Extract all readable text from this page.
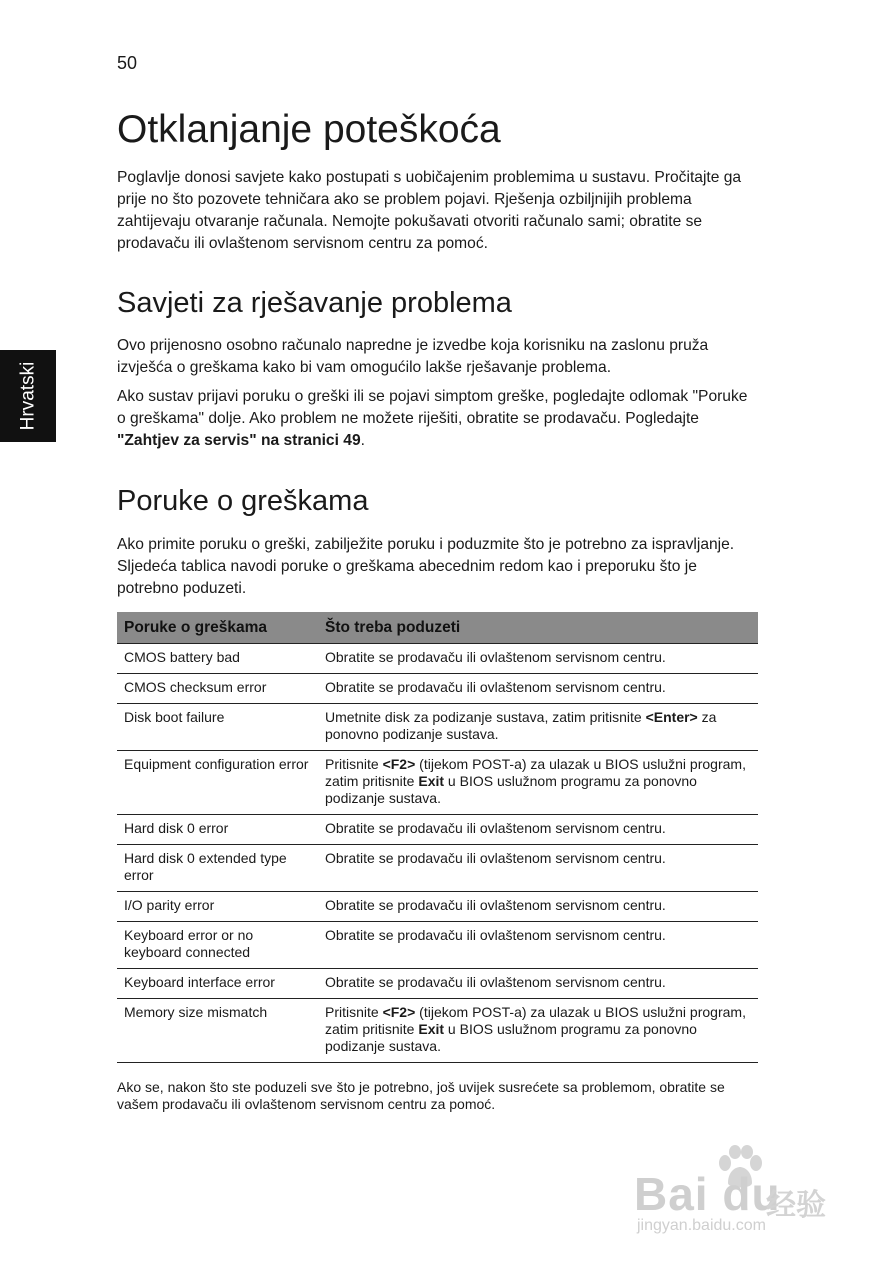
50
Hrvatski
Otklanjanje poteškoća

Poglavlje donosi savjete kako postupati s uobičajenim problemima u sustavu. Pročitajte ga prije no što pozovete tehničara ako se problem pojavi. Rješenja ozbiljnijih problema zahtijevaju otvaranje računala. Nemojte pokušavati otvoriti računalo sami; obratite se prodavaču ili ovlaštenom servisnom centru za pomoć.

Savjeti za rješavanje problema

Ovo prijenosno osobno računalo napredne je izvedbe koja korisniku na zaslonu pruža izvješća o greškama kako bi vam omogućilo lakše rješavanje problema.

Ako sustav prijavi poruku o greški ili se pojavi simptom greške, pogledajte odlomak "Poruke o greškama" dolje. Ako problem ne možete riješiti, obratite se prodavaču. Pogledajte "Zahtjev za servis" na stranici 49.

Poruke o greškama

Ako primite poruku o greški, zabilježite poruku i poduzmite što je potrebno za ispravljanje. Sljedeća tablica navodi poruke o greškama abecednim redom kao i preporuku što je potrebno poduzeti.

Poruke o greškama	Što treba poduzeti
CMOS battery bad	Obratite se prodavaču ili ovlaštenom servisnom centru.
CMOS checksum error	Obratite se prodavaču ili ovlaštenom servisnom centru.
Disk boot failure	Umetnite disk za podizanje sustava, zatim pritisnite <Enter> za ponovno podizanje sustava.
Equipment configuration error	Pritisnite <F2> (tijekom POST-a) za ulazak u BIOS uslužni program, zatim pritisnite Exit u BIOS uslužnom programu za ponovno podizanje sustava.
Hard disk 0 error	Obratite se prodavaču ili ovlaštenom servisnom centru.
Hard disk 0 extended type error	Obratite se prodavaču ili ovlaštenom servisnom centru.
I/O parity error	Obratite se prodavaču ili ovlaštenom servisnom centru.
Keyboard error or no keyboard connected	Obratite se prodavaču ili ovlaštenom servisnom centru.
Keyboard interface error	Obratite se prodavaču ili ovlaštenom servisnom centru.
Memory size mismatch	Pritisnite <F2> (tijekom POST-a) za ulazak u BIOS uslužni program, zatim pritisnite Exit u BIOS uslužnom programu za ponovno podizanje sustava.

Ako se, nakon što ste poduzeli sve što je potrebno, još uvijek susrećete sa problemom, obratite se vašem prodavaču ili ovlaštenom servisnom centru za pomoć.

Bai du
经验
jingyan.baidu.com
